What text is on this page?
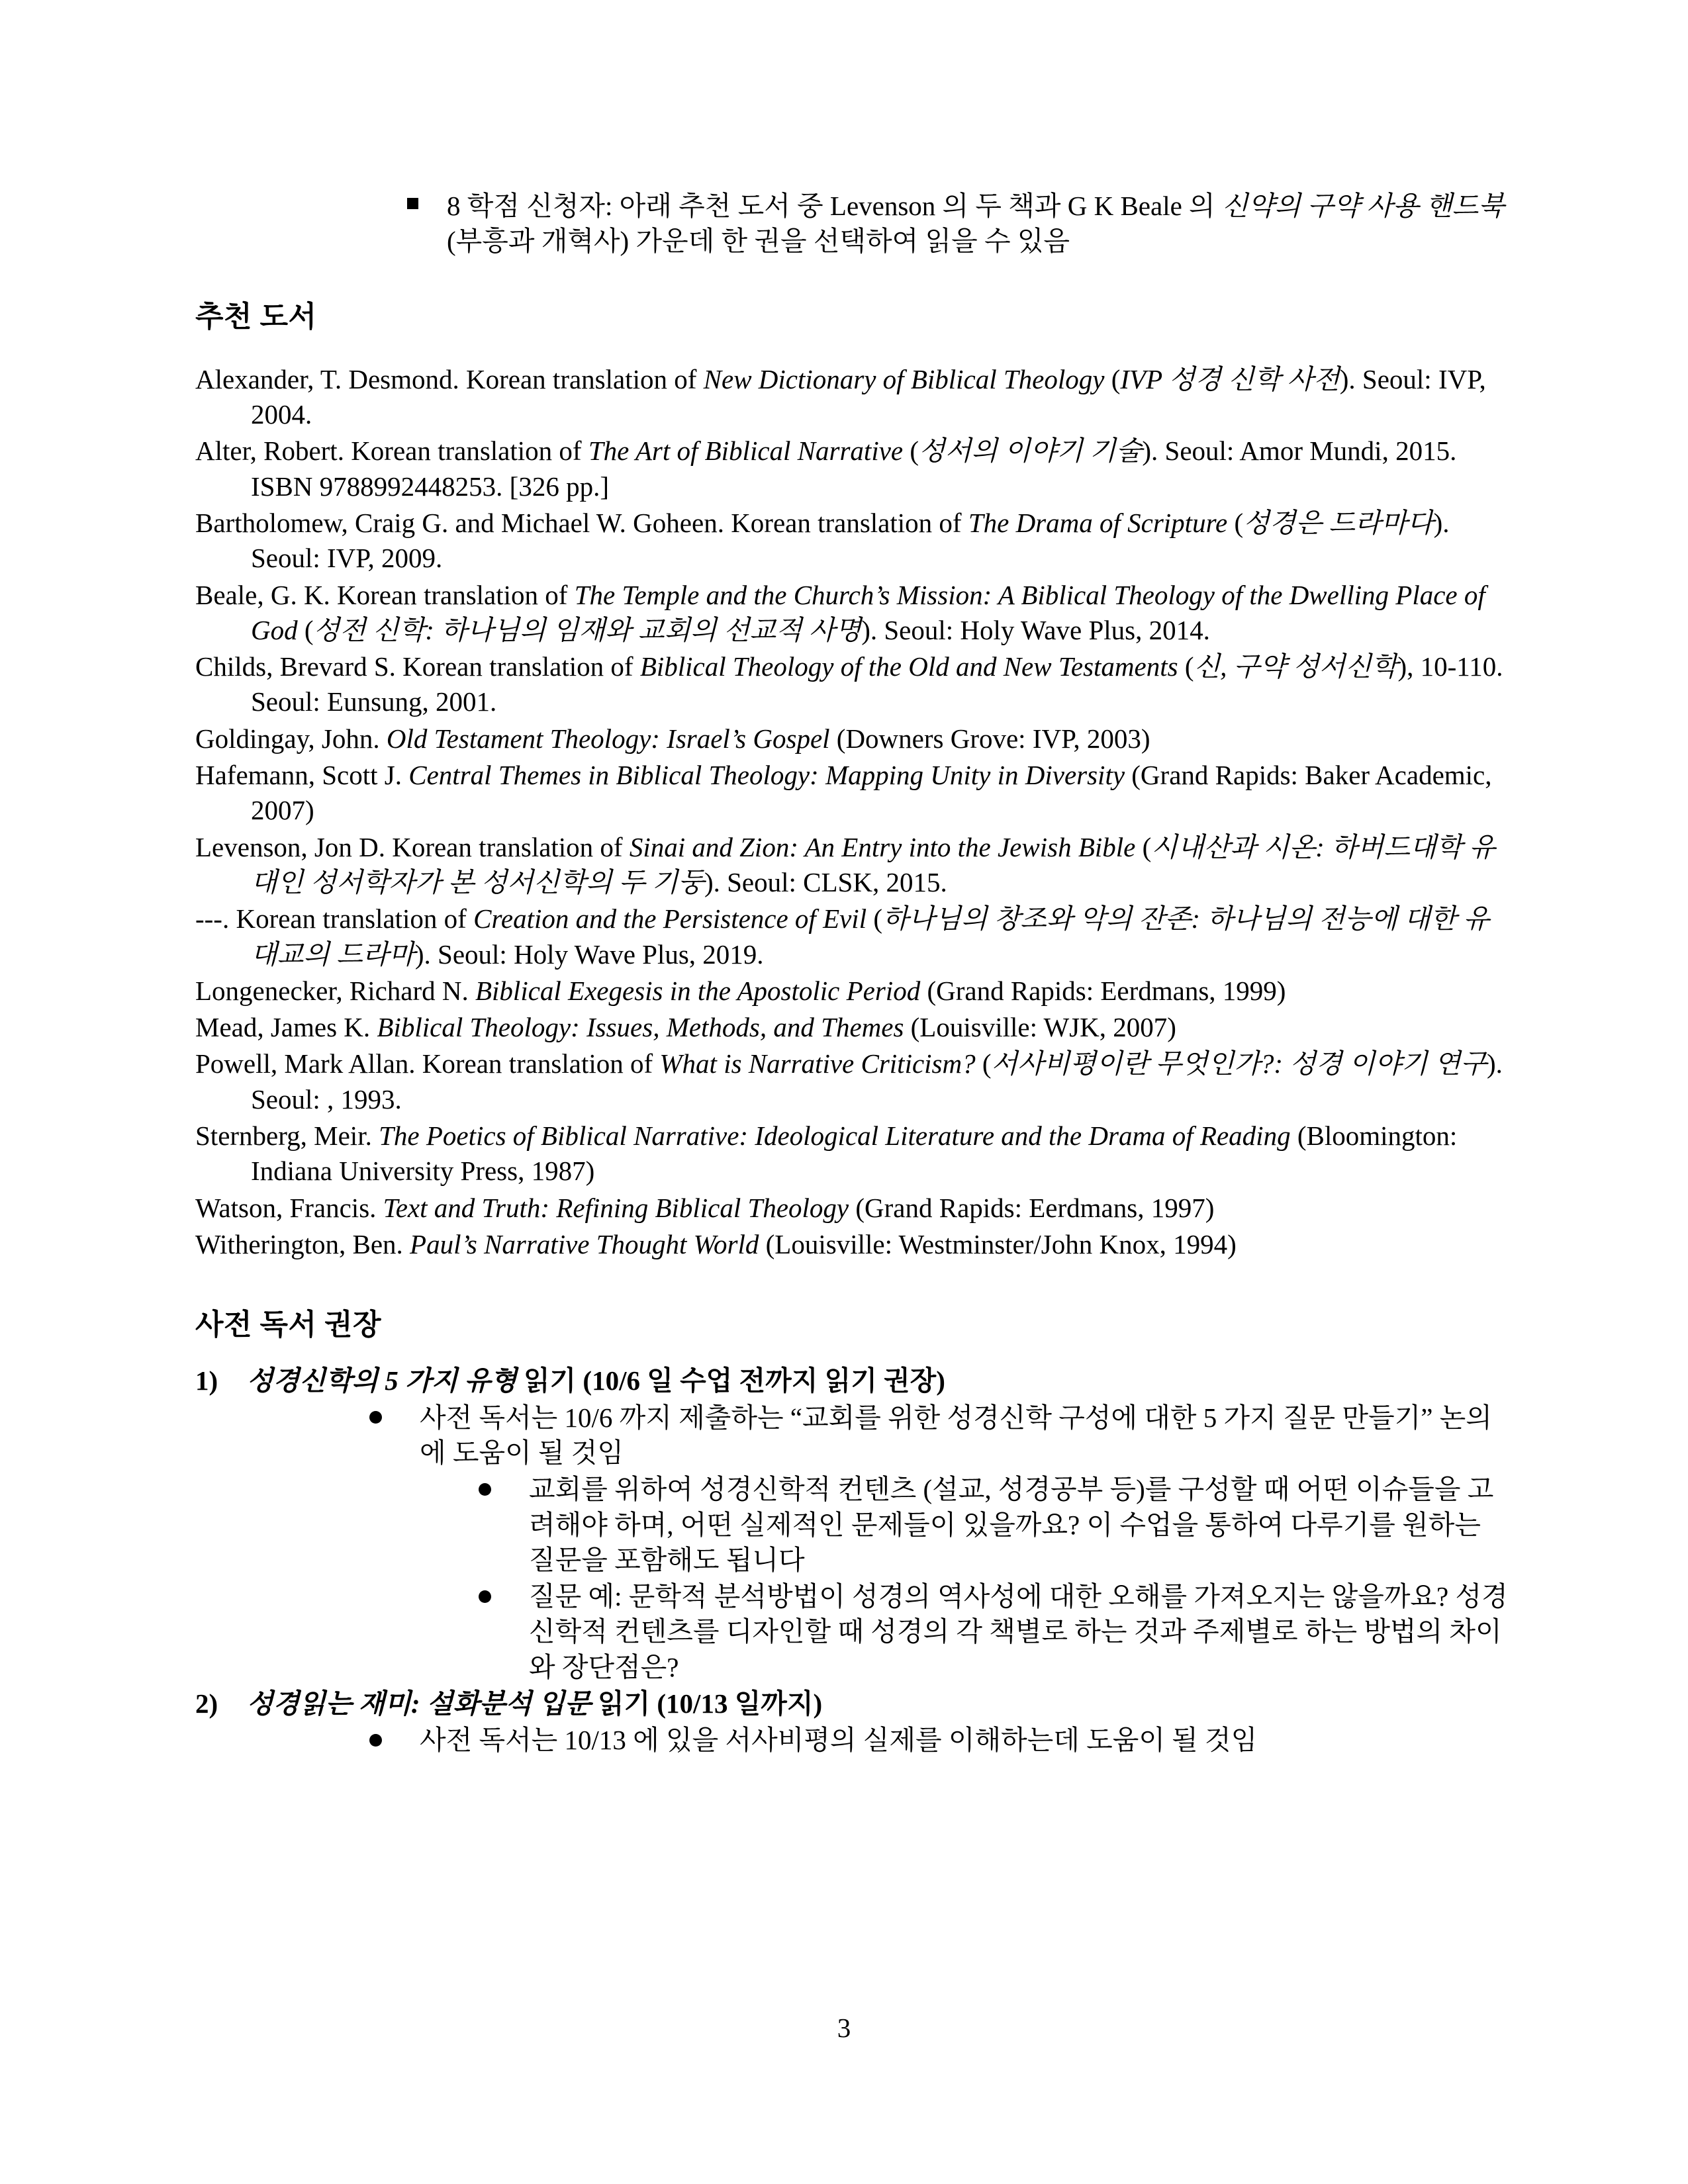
8 학점 신청자: 아래 추천 도서 중 Levenson 의 두 책과 G K Beale 의 신약의 구약 사용 핸드북(부흥과 개혁사) 가운데 한 권을 선택하여 읽을 수 있음
추천 도서
Alexander, T. Desmond. Korean translation of New Dictionary of Biblical Theology (IVP 성경 신학 사전). Seoul: IVP, 2004.
Alter, Robert. Korean translation of The Art of Biblical Narrative (성서의 이야기 기술). Seoul: Amor Mundi, 2015. ISBN 9788992448253. [326 pp.]
Bartholomew, Craig G. and Michael W. Goheen. Korean translation of The Drama of Scripture (성경은 드라마다). Seoul: IVP, 2009.
Beale, G. K. Korean translation of The Temple and the Church’s Mission: A Biblical Theology of the Dwelling Place of God (성전 신학: 하나님의 임재와 교회의 선교적 사명). Seoul: Holy Wave Plus, 2014.
Childs, Brevard S. Korean translation of Biblical Theology of the Old and New Testaments (신, 구약 성서신학), 10-110. Seoul: Eunsung, 2001.
Goldingay, John. Old Testament Theology: Israel’s Gospel (Downers Grove: IVP, 2003)
Hafemann, Scott J. Central Themes in Biblical Theology: Mapping Unity in Diversity (Grand Rapids: Baker Academic, 2007)
Levenson, Jon D. Korean translation of Sinai and Zion: An Entry into the Jewish Bible (시내산과 시온: 하버드대학 유대인 성서학자가 본 성서신학의 두 기둥). Seoul: CLSK, 2015.
---. Korean translation of Creation and the Persistence of Evil (하나님의 창조와 악의 잔존: 하나님의 전능에 대한 유대교의 드라마). Seoul: Holy Wave Plus, 2019.
Longenecker, Richard N. Biblical Exegesis in the Apostolic Period (Grand Rapids: Eerdmans, 1999)
Mead, James K. Biblical Theology: Issues, Methods, and Themes (Louisville: WJK, 2007)
Powell, Mark Allan. Korean translation of What is Narrative Criticism? (서사비평이란 무엇인가?: 성경 이야기 연구). Seoul: , 1993.
Sternberg, Meir. The Poetics of Biblical Narrative: Ideological Literature and the Drama of Reading (Bloomington: Indiana University Press, 1987)
Watson, Francis. Text and Truth: Refining Biblical Theology (Grand Rapids: Eerdmans, 1997)
Witherington, Ben. Paul’s Narrative Thought World (Louisville: Westminster/John Knox, 1994)
사전 독서 권장
1) 성경신학의 5 가지 유형 읽기 (10/6 일 수업 전까지 읽기 권장)
사전 독서는 10/6 까지 제출하는 “교회를 위한 성경신학 구성에 대한 5 가지 질문 만들기” 논의에 도움이 될 것임
교회를 위하여 성경신학적 컨텐츠 (설교, 성경공부 등)를 구성할 때 어떤 이슈들을 고려해야 하며, 어떤 실제적인 문제들이 있을까요? 이 수업을 통하여 다루기를 원하는 질문을 포함해도 됩니다
질문 예: 문학적 분석방법이 성경의 역사성에 대한 오해를 가져오지는 않을까요? 성경신학적 컨텐츠를 디자인할 때 성경의 각 책별로 하는 것과 주제별로 하는 방법의 차이와 장단점은?
2) 성경읽는 재미: 설화분석 입문 읽기 (10/13 일까지)
사전 독서는 10/13 에 있을 서사비평의 실제를 이해하는데 도움이 될 것임
3
